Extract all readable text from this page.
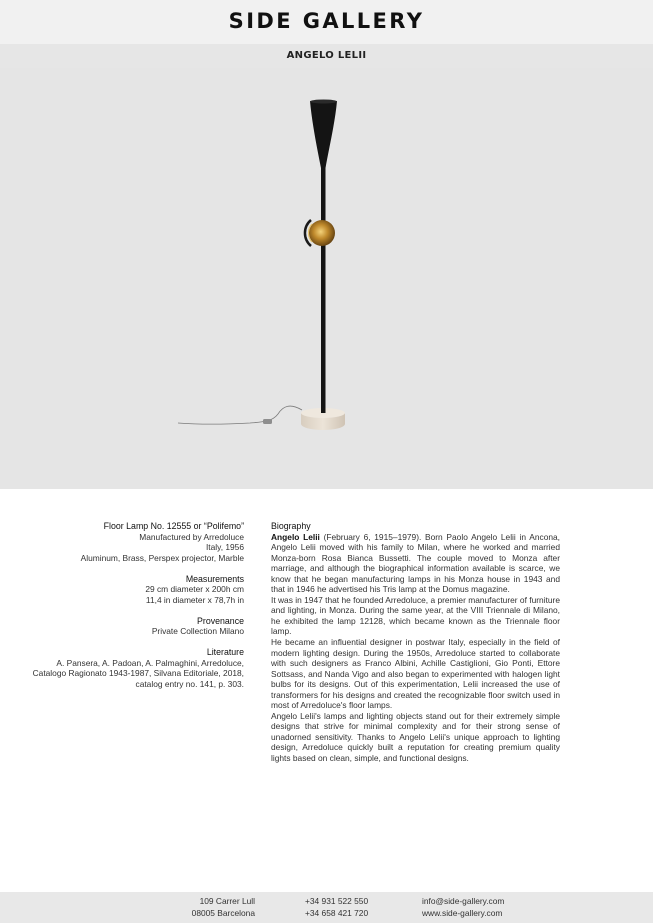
SIDE GALLERY
ANGELO LELII
Floor Lamp No. 12555 or “Polifemo”
Manufactured by Arredoluce
Italy, 1956
Aluminum, Brass, Perspex projector, Marble
Measurements
29 cm diameter x 200h cm
11,4 in diameter x 78,7h in
Provenance
Private Collection Milano
Literature
A. Pansera, A. Padoan, A. Palmaghini, Arredoluce,
Catalogo Ragionato 1943-1987, Silvana Editoriale, 2018,
catalog entry no. 141, p. 303.
Biography

Angelo Lelii (February 6, 1915–1979). Born Paolo Angelo Lelii in Ancona, Angelo Lelii moved with his family to Milan, where he worked and married Monza-born Rosa Bianca Bussetti. The couple moved to Monza after marriage, and although the biographical information available is scarce, we know that he began manufacturing lamps in his Monza house in 1943 and that in 1946 he advertised his Tris lamp at the Domus magazine.

It was in 1947 that he founded Arredoluce, a premier manufacturer of furniture and lighting, in Monza. During the same year, at the VIII Triennale di Milano, he exhibited the lamp 12128, which became known as the Triennale floor lamp.

He became an influential designer in postwar Italy, especially in the field of modern lighting design. During the 1950s, Arredoluce started to collaborate with such designers as Franco Albini, Achille Castiglioni, Gio Ponti, Ettore Sottsass, and Nanda Vigo and also began to experimented with halogen light bulbs for its designs. Out of this experimentation, Lelii increased the use of transformers for his designs and created the recognizable floor switch used in most of Arredoluce's floor lamps.

Angelo Lelii's lamps and lighting objects stand out for their extremely simple designs that strive for minimal complexity and for their strong sense of unadorned sensitivity. Thanks to Angelo Lelii's unique approach to lighting design, Arredoluce quickly built a reputation for creating premium quality lights based on clean, simple, and functional designs.

109 Carrer Lull
08005 Barcelona
+34 931 522 550
+34 658 421 720
info@side-gallery.com
www.side-gallery.com
